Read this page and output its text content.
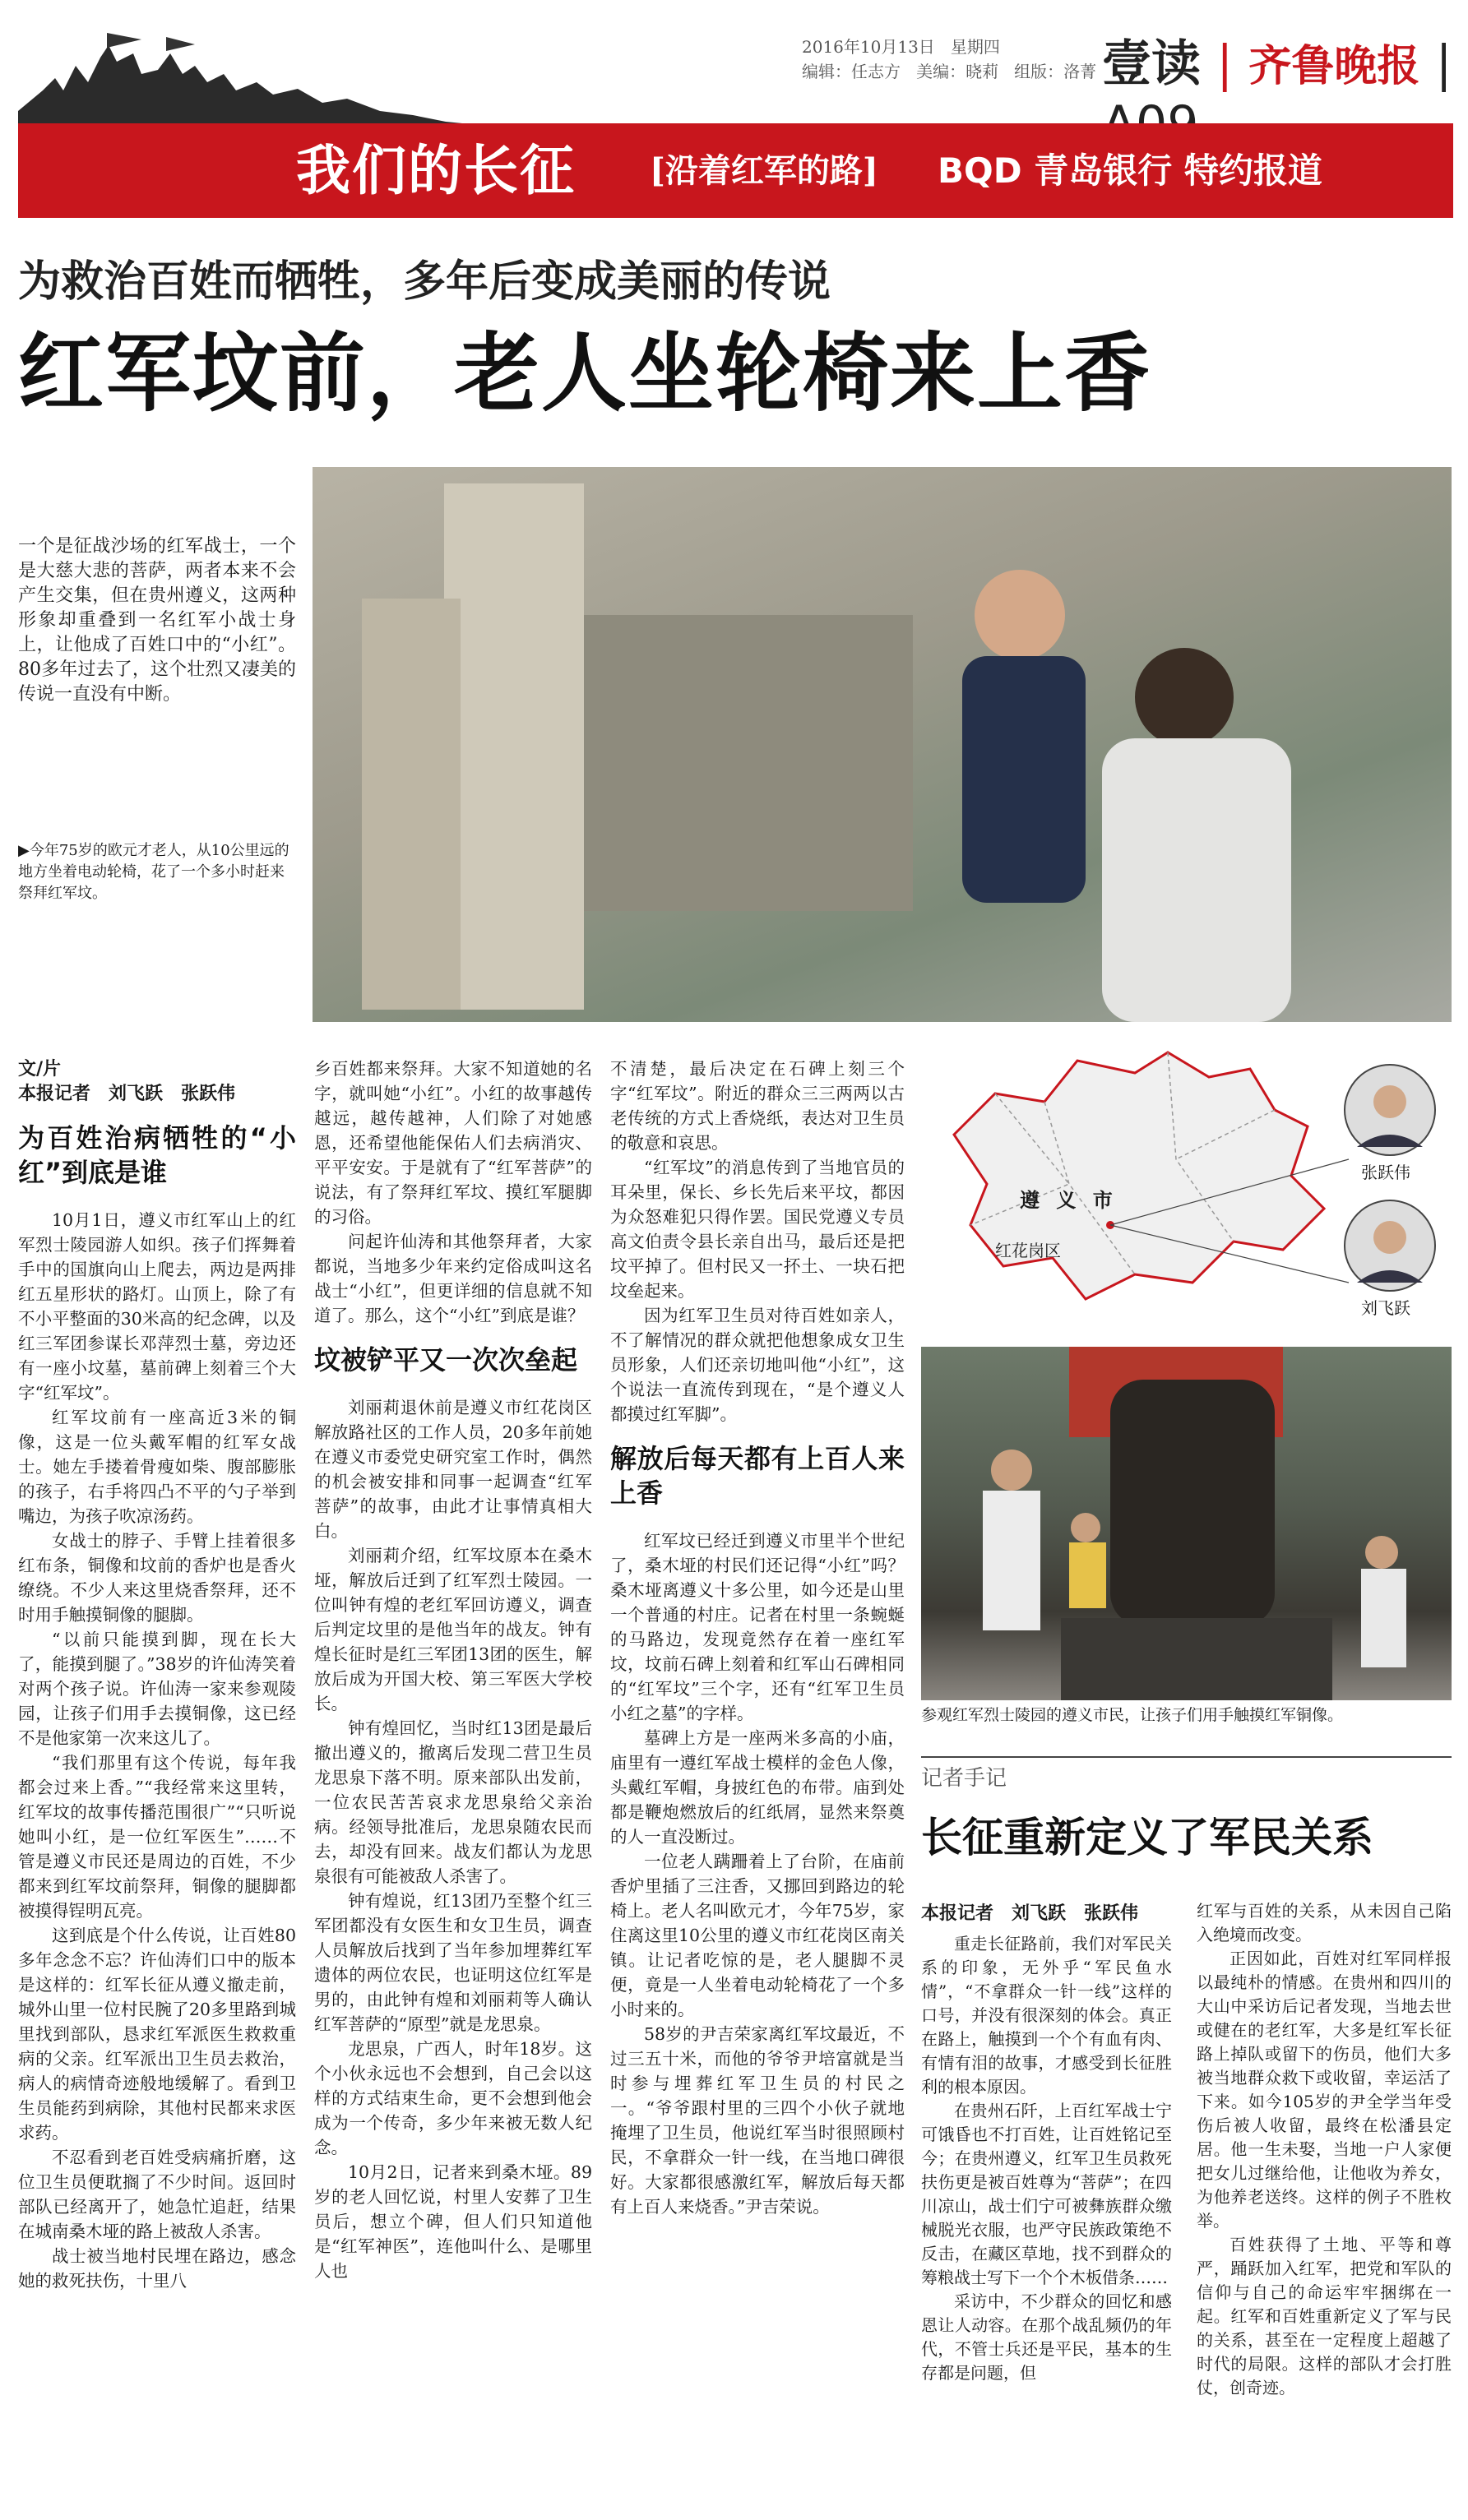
2016年10月13日 星期四
编辑：任志方 美编：晓莉 组版：洛菁 壹读 | 齐鲁晚报 |
我们的长征 [沿着红军的路] BQD 青岛银行 特约报道
为救治百姓而牺牲，多年后变成美丽的传说
红军坟前，老人坐轮椅来上香
一个是征战沙场的红军战士，一个是大慈大悲的菩萨，两者本来不会产生交集，但在贵州遵义，这两种形象却重叠到一名红军小战士身上，让他成了百姓口中的“小红”。80多年过去了，这个壮烈又凄美的传说一直没有中断。
▶今年75岁的欧元才老人，从10公里远的地方坐着电动轮椅，花了一个多小时赶来祭拜红军坟。
文/片
本报记者　刘飞跃　张跃伟
为百姓治病牺牲的“小红”到底是谁

10月1日，遵义市红军山上的红军烈士陵园游人如织。孩子们挥舞着手中的国旗向山上爬去，两边是两排红五星形状的路灯。山顶上，除了有不小平整面的30米高的纪念碑，以及红三军团参谋长邓萍烈士墓，旁边还有一座小坟墓，墓前碑上刻着三个大字“红军坟”。

红军坟前有一座高近3米的铜像，这是一位头戴军帽的红军女战士。她左手搂着骨瘦如柴、腹部膨胀的孩子，右手将四凸不平的勺子举到嘴边，为孩子吹凉汤药。

女战士的脖子、手臂上挂着很多红布条，铜像和坟前的香炉也是香火缭绕。不少人来这里烧香祭拜，还不时用手触摸铜像的腿脚。

“以前只能摸到脚，现在长大了，能摸到腿了。”38岁的许仙涛笑着对两个孩子说。许仙涛一家来参观陵园，让孩子们用手去摸铜像，这已经不是他家第一次来这儿了。

“我们那里有这个传说，每年我都会过来上香。”“我经常来这里转，红军坟的故事传播范围很广”“只听说她叫小红，是一位红军医生”……不管是遵义市民还是周边的百姓，不少都来到红军坟前祭拜，铜像的腿脚都被摸得锃明瓦亮。

这到底是个什么传说，让百姓80多年念念不忘？许仙涛们口中的版本是这样的：红军长征从遵义撤走前，城外山里一位村民腕了20多里路到城里找到部队，恳求红军派医生救救重病的父亲。红军派出卫生员去救治，病人的病情奇迹般地缓解了。看到卫生员能药到病除，其他村民都来求医求药。

不忍看到老百姓受病痛折磨，这位卫生员便耽搁了不少时间。返回时部队已经离开了，她急忙追赶，结果在城南桑木垭的路上被敌人杀害。

战士被当地村民埋在路边，感念她的救死扶伤，十里八

乡百姓都来祭拜。大家不知道她的名字，就叫她“小红”。小红的故事越传越远，越传越神，人们除了对她感恩，还希望他能保佑人们去病消灾、平平安安。于是就有了“红军菩萨”的说法，有了祭拜红军坟、摸红军腿脚的习俗。

问起许仙涛和其他祭拜者，大家都说，当地多少年来约定俗成叫这名战士“小红”，但更详细的信息就不知道了。那么，这个“小红”到底是谁？

坟被铲平又一次次垒起

刘丽莉退休前是遵义市红花岗区解放路社区的工作人员，20多年前她在遵义市委党史研究室工作时，偶然的机会被安排和同事一起调查“红军菩萨”的故事，由此才让事情真相大白。

刘丽莉介绍，红军坟原本在桑木垭，解放后迁到了红军烈士陵园。一位叫钟有煌的老红军回访遵义，调查后判定坟里的是他当年的战友。钟有煌长征时是红三军团13团的医生，解放后成为开国大校、第三军医大学校长。

钟有煌回忆，当时红13团是最后撤出遵义的，撤离后发现二营卫生员龙思泉下落不明。原来部队出发前，一位农民苦苦哀求龙思泉给父亲治病。经领导批准后，龙思泉随农民而去，却没有回来。战友们都认为龙思泉很有可能被敌人杀害了。

钟有煌说，红13团乃至整个红三军团都没有女医生和女卫生员，调查人员解放后找到了当年参加埋葬红军遗体的两位农民，也证明这位红军是男的，由此钟有煌和刘丽莉等人确认红军菩萨的“原型”就是龙思泉。

龙思泉，广西人，时年18岁。这个小伙永远也不会想到，自己会以这样的方式结束生命，更不会想到他会成为一个传奇，多少年来被无数人纪念。

10月2日，记者来到桑木垭。89岁的老人回忆说，村里人安葬了卫生员后，想立个碑，但人们只知道他是“红军神医”，连他叫什么、是哪里人也

不清楚，最后决定在石碑上刻三个字“红军坟”。附近的群众三三两两以古老传统的方式上香烧纸，表达对卫生员的敬意和哀思。

“红军坟”的消息传到了当地官员的耳朵里，保长、乡长先后来平坟，都因为众怒难犯只得作罢。国民党遵义专员高文伯责令县长亲自出马，最后还是把坟平掉了。但村民又一抔土、一块石把坟垒起来。

因为红军卫生员对待百姓如亲人，不了解情况的群众就把他想象成女卫生员形象，人们还亲切地叫他“小红”，这个说法一直流传到现在，“是个遵义人都摸过红军脚”。

解放后每天都有上百人来上香

红军坟已经迁到遵义市里半个世纪了，桑木垭的村民们还记得“小红”吗？桑木垭离遵义十多公里，如今还是山里一个普通的村庄。记者在村里一条蜿蜒的马路边，发现竟然存在着一座红军坟，坟前石碑上刻着和红军山石碑相同的“红军坟”三个字，还有“红军卫生员小红之墓”的字样。

墓碑上方是一座两米多高的小庙，庙里有一遵红军战士模样的金色人像，头戴红军帽，身披红色的布带。庙到处都是鞭炮燃放后的红纸屑，显然来祭奠的人一直没断过。

一位老人蹒跚着上了台阶，在庙前香炉里插了三注香，又挪回到路边的轮椅上。老人名叫欧元才，今年75岁，家住离这里10公里的遵义市红花岗区南关镇。让记者吃惊的是，老人腿脚不灵便，竟是一人坐着电动轮椅花了一个多小时来的。

58岁的尹吉荣家离红军坟最近，不过三五十米，而他的爷爷尹培富就是当时参与埋葬红军卫生员的村民之一。“爷爷跟村里的三四个小伙子就地掩埋了卫生员，他说红军当时很照顾村民，不拿群众一针一线，在当地口碑很好。大家都很感激红军，解放后每天都有上百人来烧香。”尹吉荣说。

遵 义 市
红花岗区
张跃伟
刘飞跃
参观红军烈士陵园的遵义市民，让孩子们用手触摸红军铜像。
记者手记
长征重新定义了军民关系
本报记者　刘飞跃　张跃伟

重走长征路前，我们对军民关系的印象，无外乎“军民鱼水情”，“不拿群众一针一线”这样的口号，并没有很深刻的体会。真正在路上，触摸到一个个有血有肉、有情有泪的故事，才感受到长征胜利的根本原因。

在贵州石阡，上百红军战士宁可饿昏也不打百姓，让百姓铭记至今；在贵州遵义，红军卫生员救死扶伤更是被百姓尊为“菩萨”；在四川凉山，战士们宁可被彝族群众缴械脱光衣服，也严守民族政策绝不反击，在藏区草地，找不到群众的筹粮战士写下一个个木板借条……

采访中，不少群众的回忆和感恩让人动容。在那个战乱频仍的年代，不管士兵还是平民，基本的生存都是问题，但

红军与百姓的关系，从未因自己陷入绝境而改变。

正因如此，百姓对红军同样报以最纯朴的情感。在贵州和四川的大山中采访后记者发现，当地去世或健在的老红军，大多是红军长征路上掉队或留下的伤员，他们大多被当地群众救下或收留，幸运活了下来。如今105岁的尹全学当年受伤后被人收留，最终在松潘县定居。他一生未娶，当地一户人家便把女儿过继给他，让他收为养女，为他养老送终。这样的例子不胜枚举。

百姓获得了土地、平等和尊严，踊跃加入红军，把党和军队的信仰与自己的命运牢牢捆绑在一起。红军和百姓重新定义了军与民的关系，甚至在一定程度上超越了时代的局限。这样的部队才会打胜仗，创奇迹。
